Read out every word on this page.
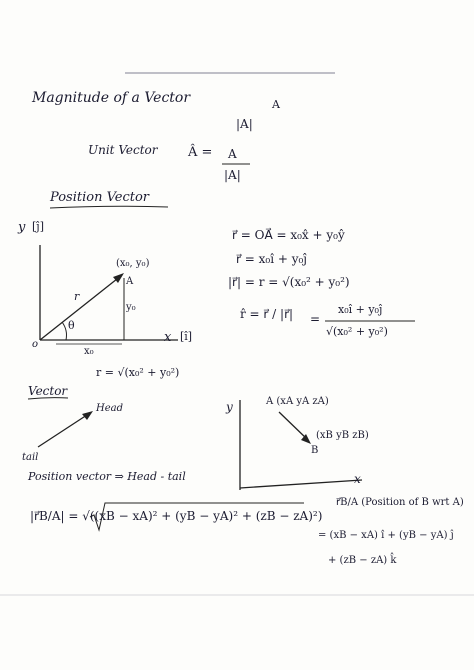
Magnitude of a Vector	A
|A|
Unit Vector Â = A
|A|
Position Vector
y [ĵ]
x [î]
o
(x₀, y₀)
A
r
θ
y₀
x₀
r = √(x₀² + y₀²)
r⃗ = OA⃗ = x₀x̂ + y₀ŷ
r⃗ = x₀î + y₀ĵ
|r⃗| = r = √(x₀² + y₀²)
r̂ = r⃗ / |r⃗| =
x₀î + y₀ĵ
√(x₀² + y₀²)
Vector
Head
tail
Position vector ⇒ Head - tail
y
x
A (xA yA zA)
(xB yB zB)
B
r⃗B/A (Position of B wrt A)
|r⃗B/A| = √((xB − xA)² + (yB − yA)² + (zB − zA)²)
= (xB − xA) î + (yB − yA) ĵ
+ (zB − zA) k̂
